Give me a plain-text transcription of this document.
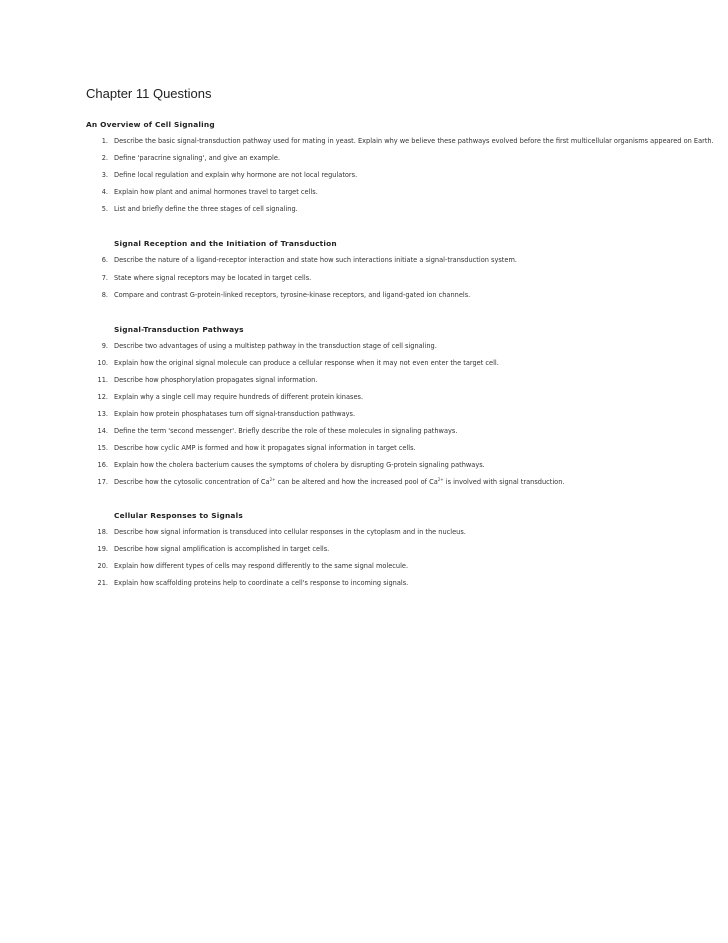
Chapter 11 Questions
An Overview of Cell Signaling
1. Describe the basic signal-transduction pathway used for mating in yeast. Explain why we believe these pathways evolved before the first multicellular organisms appeared on Earth.
2. Define 'paracrine signaling', and give an example.
3. Define local regulation and explain why hormone are not local regulators.
4. Explain how plant and animal hormones travel to target cells.
5. List and briefly define the three stages of cell signaling.
Signal Reception and the Initiation of Transduction
6. Describe the nature of a ligand-receptor interaction and state how such interactions initiate a signal-transduction system.
7. State where signal receptors may be located in target cells.
8. Compare and contrast G-protein-linked receptors, tyrosine-kinase receptors, and ligand-gated ion channels.
Signal-Transduction Pathways
9. Describe two advantages of using a multistep pathway in the transduction stage of cell signaling.
10. Explain how the original signal molecule can produce a cellular response when it may not even enter the target cell.
11. Describe how phosphorylation propagates signal information.
12. Explain why a single cell may require hundreds of different protein kinases.
13. Explain how protein phosphatases turn off signal-transduction pathways.
14. Define the term 'second messenger'. Briefly describe the role of these molecules in signaling pathways.
15. Describe how cyclic AMP is formed and how it propagates signal information in target cells.
16. Explain how the cholera bacterium causes the symptoms of cholera by disrupting G-protein signaling pathways.
17. Describe how the cytosolic concentration of $Ca^{2+}$ can be altered and how the increased pool of $Ca^{2+}$ is involved with signal transduction.
Cellular Responses to Signals
18. Describe how signal information is transduced into cellular responses in the cytoplasm and in the nucleus.
19. Describe how signal amplification is accomplished in target cells.
20. Explain how different types of cells may respond differently to the same signal molecule.
21. Explain how scaffolding proteins help to coordinate a cell's response to incoming signals.
